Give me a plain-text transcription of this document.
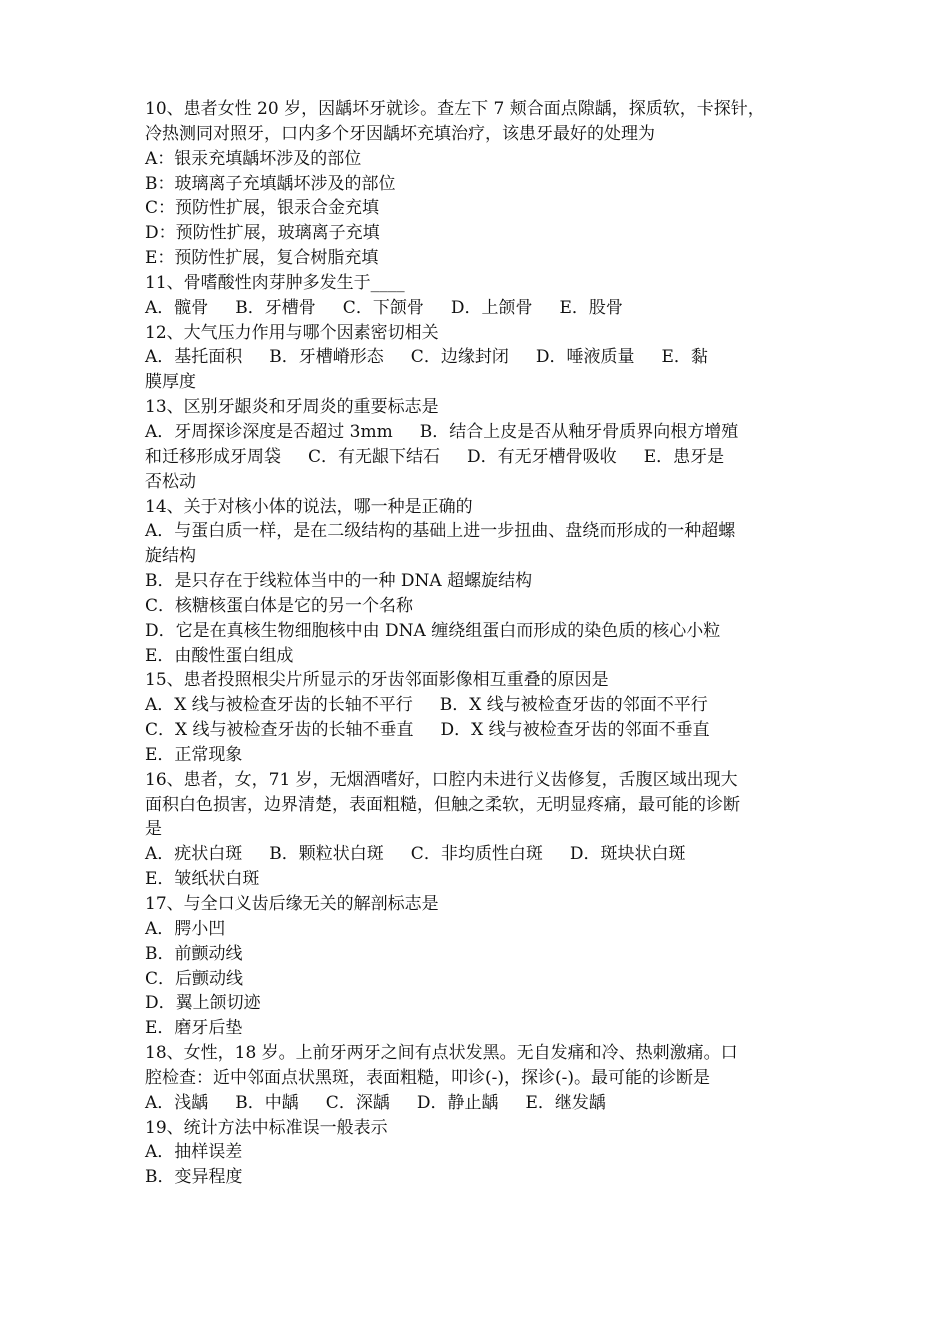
10、患者女性 20 岁，因龋坏牙就诊。查左下 7 颊合面点隙龋，探质软，卡探针，
冷热测同对照牙，口内多个牙因龋坏充填治疗，该患牙最好的处理为
A：银汞充填龋坏涉及的部位
B：玻璃离子充填龋坏涉及的部位
C：预防性扩展，银汞合金充填
D：预防性扩展，玻璃离子充填
E：预防性扩展，复合树脂充填
11、骨嗜酸性肉芽肿多发生于____
A．髋骨     B．牙槽骨     C．下颌骨     D．上颌骨     E．股骨
12、大气压力作用与哪个因素密切相关
A．基托面积     B．牙槽嵴形态     C．边缘封闭     D．唾液质量     E．黏
膜厚度
13、区别牙龈炎和牙周炎的重要标志是
A．牙周探诊深度是否超过 3mm     B．结合上皮是否从釉牙骨质界向根方增殖
和迁移形成牙周袋     C．有无龈下结石     D．有无牙槽骨吸收     E．患牙是
否松动
14、关于对核小体的说法，哪一种是正确的
A．与蛋白质一样，是在二级结构的基础上进一步扭曲、盘绕而形成的一种超螺
旋结构
B．是只存在于线粒体当中的一种 DNA 超螺旋结构
C．核糖核蛋白体是它的另一个名称
D．它是在真核生物细胞核中由 DNA 缠绕组蛋白而形成的染色质的核心小粒
E．由酸性蛋白组成
15、患者投照根尖片所显示的牙齿邻面影像相互重叠的原因是
A．X 线与被检查牙齿的长轴不平行     B．X 线与被检查牙齿的邻面不平行
C．X 线与被检查牙齿的长轴不垂直     D．X 线与被检查牙齿的邻面不垂直
E．正常现象
16、患者，女，71 岁，无烟酒嗜好，口腔内未进行义齿修复，舌腹区域出现大
面积白色损害，边界清楚，表面粗糙，但触之柔软，无明显疼痛，最可能的诊断
是
A．疣状白斑     B．颗粒状白斑     C．非均质性白斑     D．斑块状白斑
E．皱纸状白斑
17、与全口义齿后缘无关的解剖标志是
A．腭小凹
B．前颤动线
C．后颤动线
D．翼上颌切迹
E．磨牙后垫
18、女性，18 岁。上前牙两牙之间有点状发黑。无自发痛和冷、热刺激痛。口
腔检查：近中邻面点状黑斑，表面粗糙，叩诊(-)，探诊(-)。最可能的诊断是
A．浅龋     B．中龋     C．深龋     D．静止龋     E．继发龋
19、统计方法中标准误一般表示
A．抽样误差
B．变异程度
